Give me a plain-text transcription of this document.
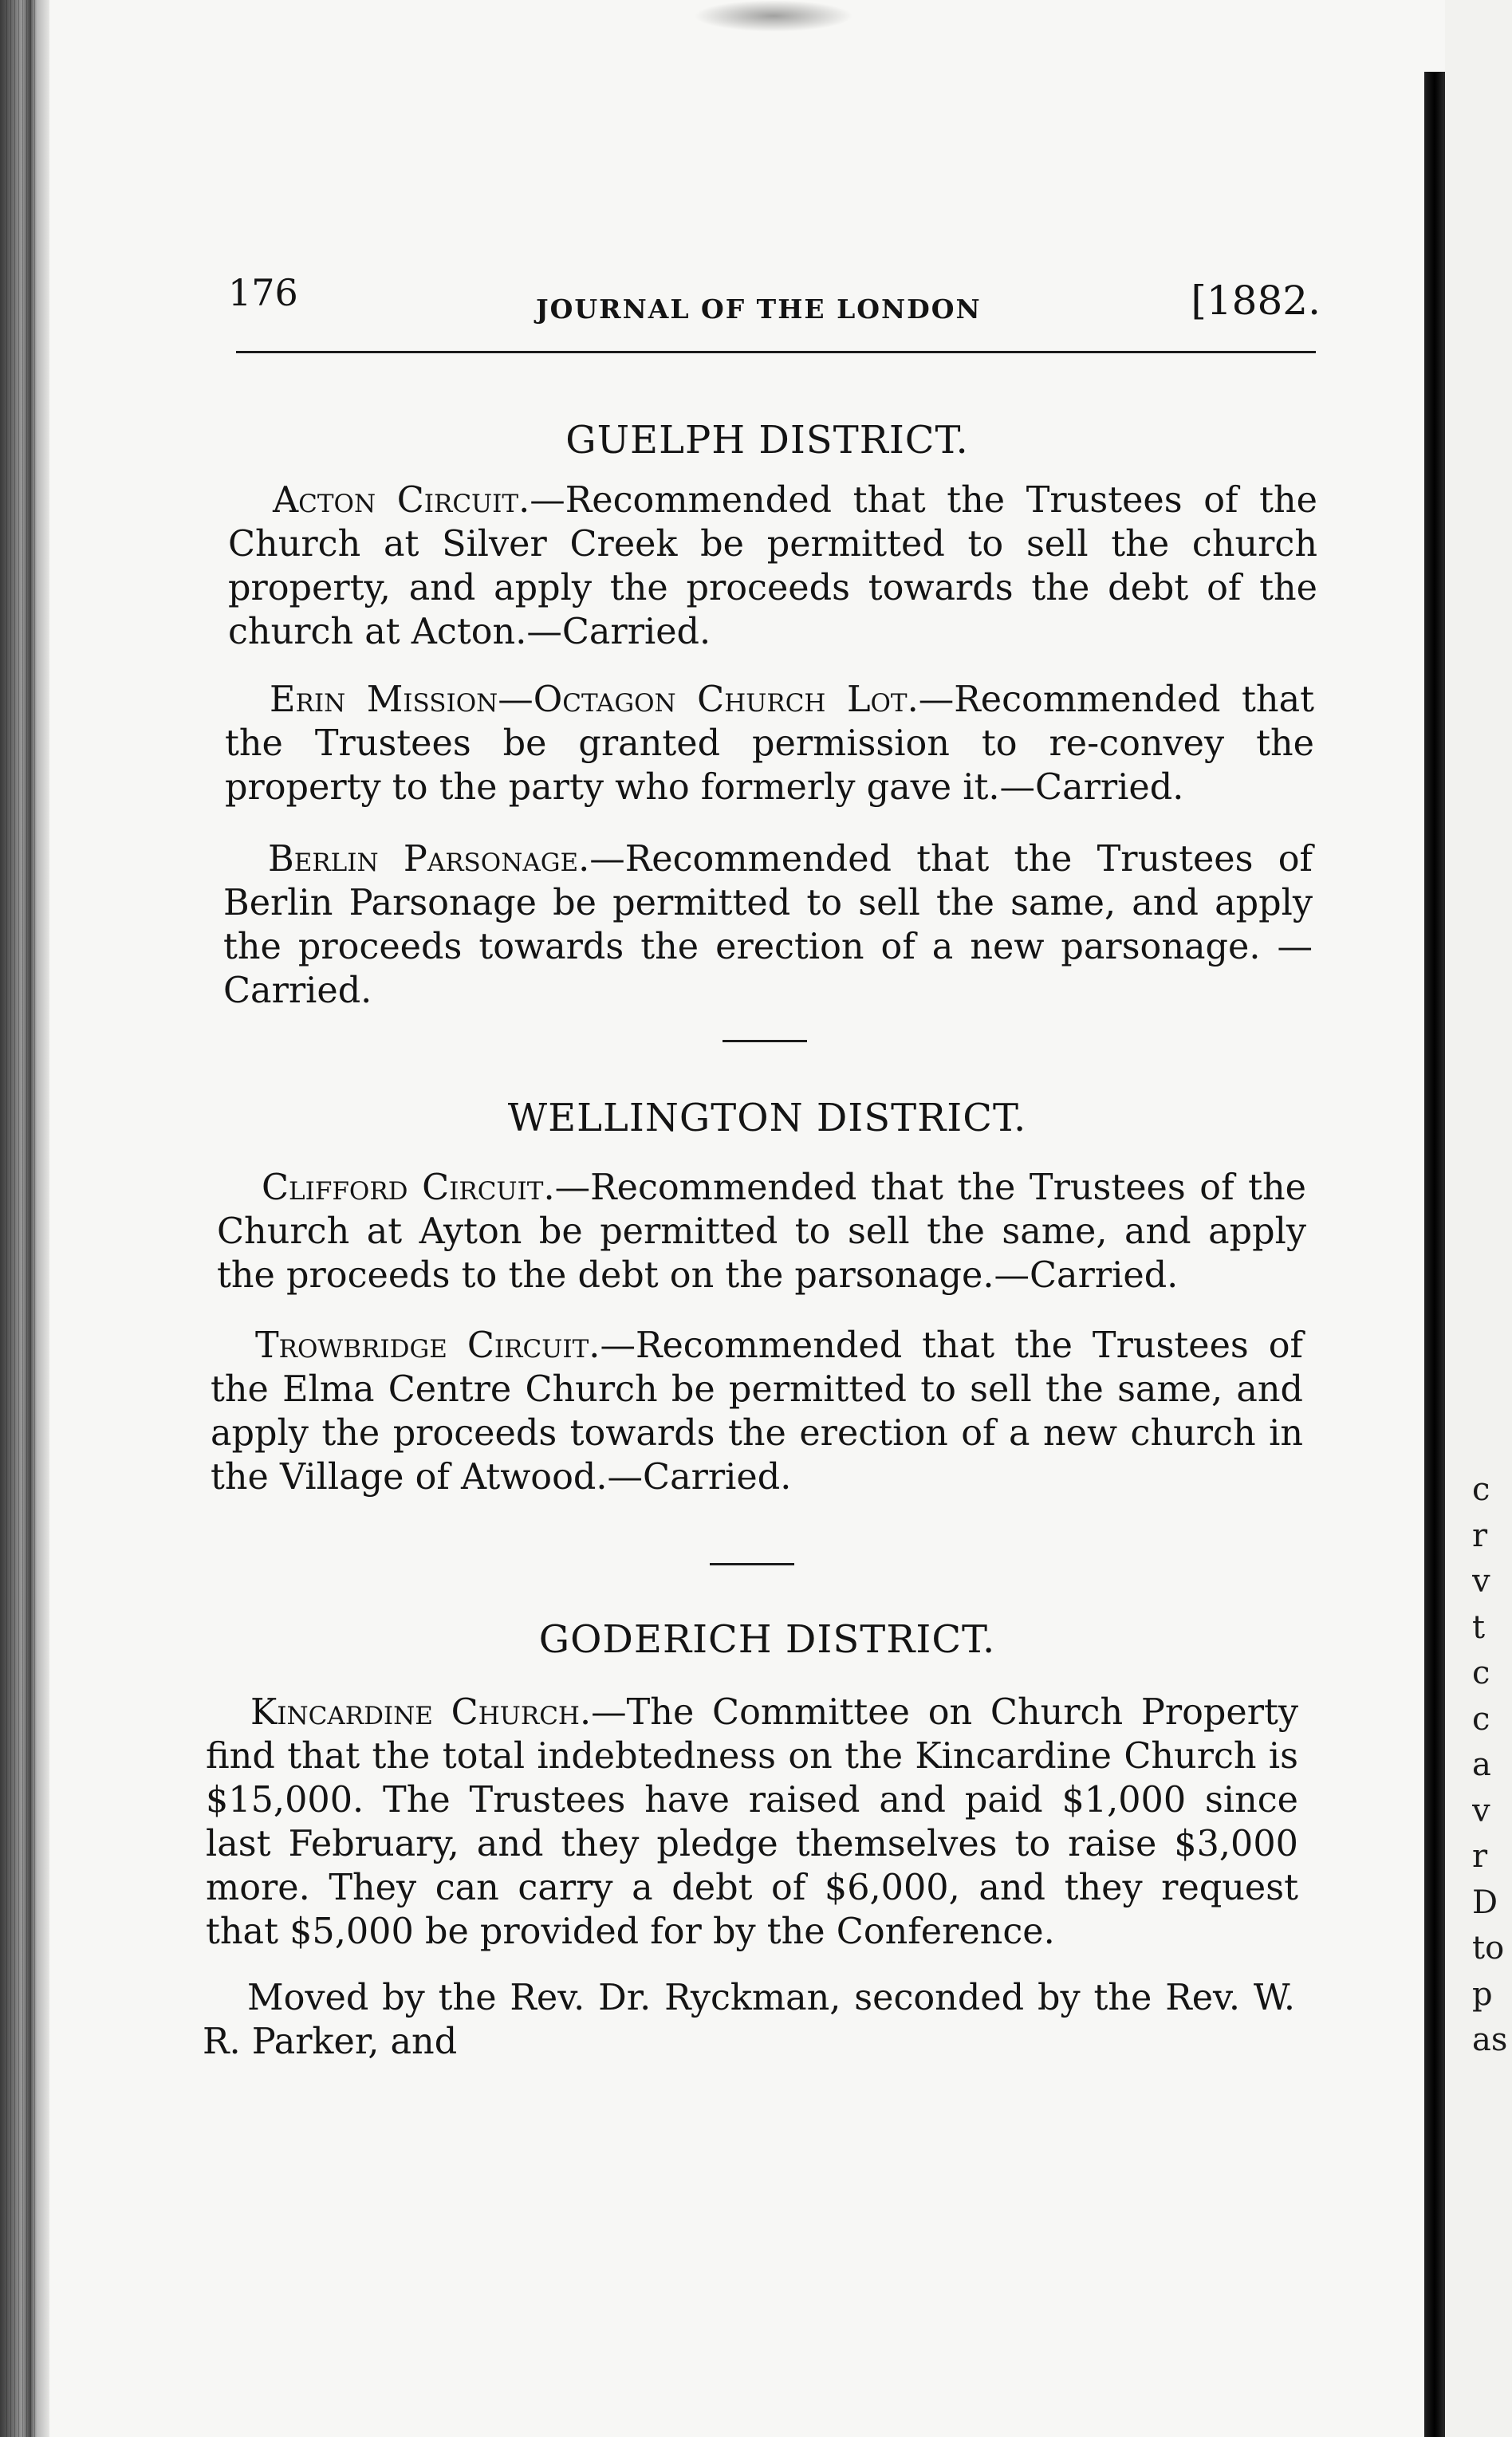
c
r
v
t
c
c
a
v
r
D
to
p
as
176	JOURNAL OF THE LONDON	[1882.
GUELPH DISTRICT.
Acton Circuit.—Recommended that the Trustees of the Church at Silver Creek be permitted to sell the church property, and apply the proceeds towards the debt of the church at Acton.—Carried.
Erin Mission—Octagon Church Lot.—Recommended that the Trustees be granted permission to re-convey the property to the party who formerly gave it.—Carried.
Berlin Parsonage.—Recommended that the Trustees of Berlin Parsonage be permitted to sell the same, and apply the proceeds towards the erection of a new parsonage. —Carried.
WELLINGTON DISTRICT.
Clifford Circuit.—Recommended that the Trustees of the Church at Ayton be permitted to sell the same, and apply the proceeds to the debt on the parsonage.—Carried.
Trowbridge Circuit.—Recommended that the Trustees of the Elma Centre Church be permitted to sell the same, and apply the proceeds towards the erection of a new church in the Village of Atwood.—Carried.
GODERICH DISTRICT.
Kincardine Church.—The Committee on Church Property find that the total indebtedness on the Kincardine Church is $15,000. The Trustees have raised and paid $1,000 since last February, and they pledge themselves to raise $3,000 more. They can carry a debt of $6,000, and they request that $5,000 be provided for by the Conference.
Moved by the Rev. Dr. Ryckman, seconded by the Rev. W. R. Parker, and
